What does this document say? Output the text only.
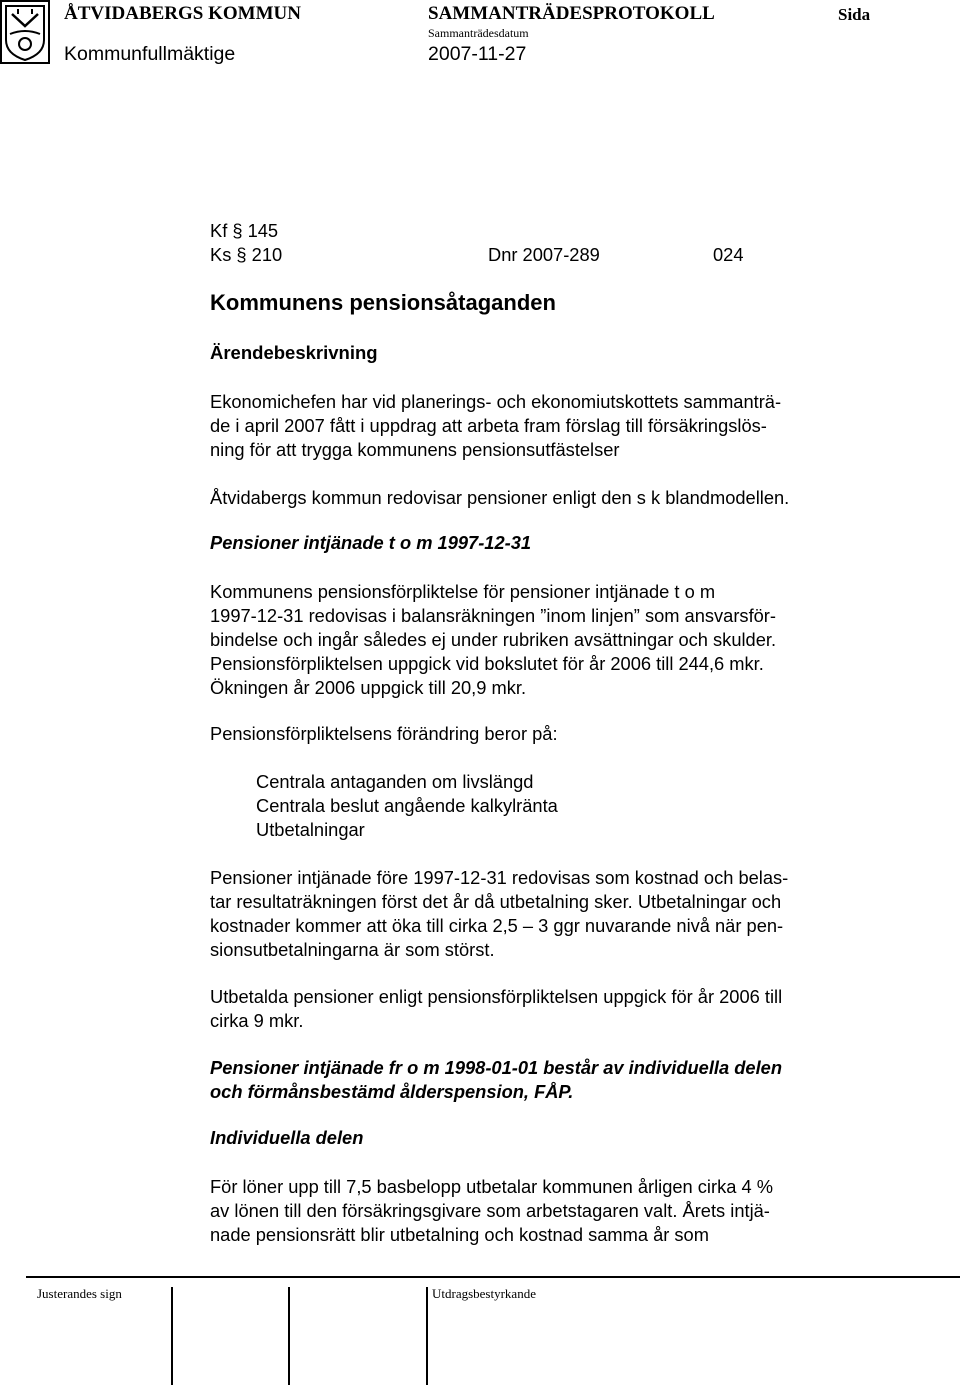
ÅTVIDABERGS KOMMUN	SAMMANTRÄDESPROTOKOLL	Sida
Sammanträdesdatum
Kommunfullmäktige	2007-11-27
Kf § 145
Ks § 210	Dnr 2007-289	024
Kommunens pensionsåtaganden
Ärendebeskrivning
Ekonomichefen har vid planerings- och ekonomiutskottets sammanträ-
de i april 2007 fått i uppdrag att arbeta fram förslag till försäkringslös-
ning för att trygga kommunens pensionsutfästelser
Åtvidabergs kommun redovisar pensioner enligt den s k blandmodellen.
Pensioner intjänade t o m 1997-12-31
Kommunens pensionsförpliktelse för pensioner intjänade t o m
1997-12-31 redovisas i balansräkningen ”inom linjen” som ansvarsför-
bindelse och ingår således ej under rubriken avsättningar och skulder.
Pensionsförpliktelsen uppgick vid bokslutet för år 2006 till 244,6 mkr.
Ökningen år 2006 uppgick till 20,9 mkr.
Pensionsförpliktelsens förändring beror på:
Centrala antaganden om livslängd
Centrala beslut angående kalkylränta
Utbetalningar
Pensioner intjänade före 1997-12-31 redovisas som kostnad och belas-
tar resultaträkningen först det år då utbetalning sker. Utbetalningar och
kostnader kommer att öka till cirka 2,5 – 3 ggr nuvarande nivå när pen-
sionsutbetalningarna är som störst.
Utbetalda pensioner enligt pensionsförpliktelsen uppgick för år 2006 till
cirka 9 mkr.
Pensioner intjänade fr o m 1998-01-01 består av individuella delen
och förmånsbestämd ålderspension, FÅP.
Individuella delen
För löner upp till 7,5 basbelopp utbetalar kommunen årligen cirka 4 %
av lönen till den försäkringsgivare som arbetstagaren valt. Årets intjä-
nade pensionsrätt blir utbetalning och kostnad samma år som
Justerandes sign	Utdragsbestyrkande
